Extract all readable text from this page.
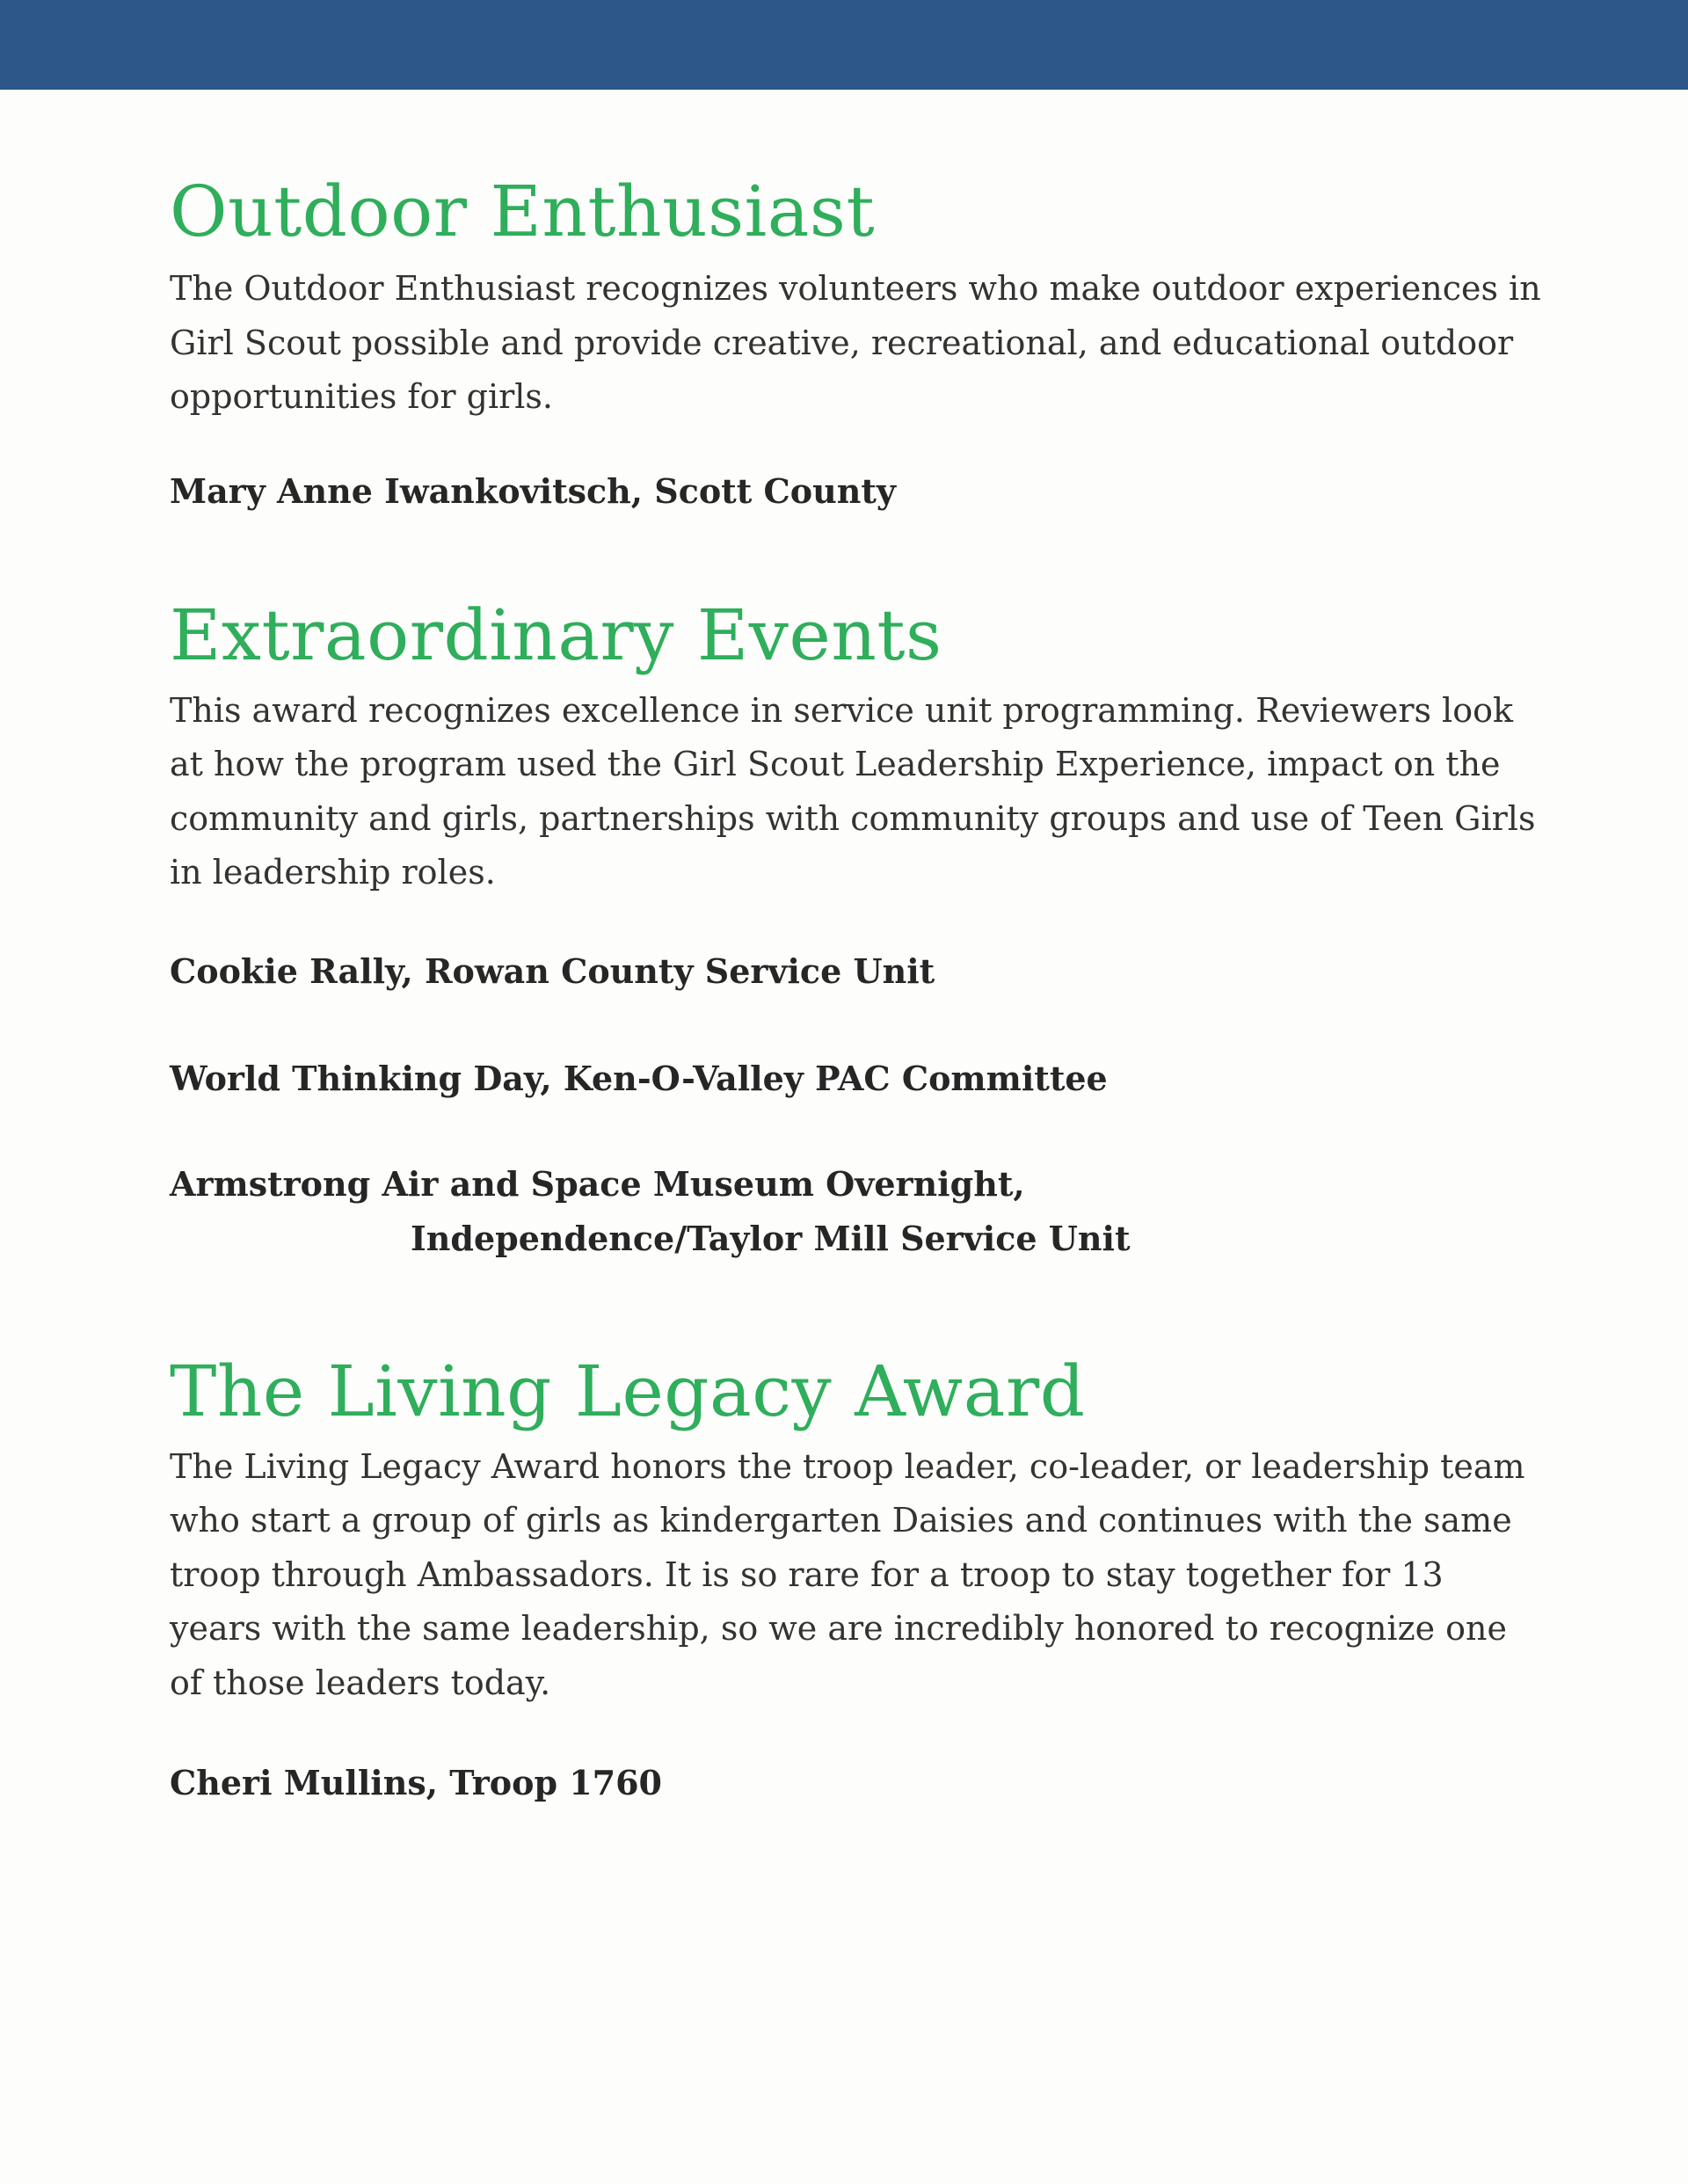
Outdoor Enthusiast

The Outdoor Enthusiast recognizes volunteers who make outdoor experiences in Girl Scout possible and provide creative, recreational, and educational outdoor opportunities for girls.

Mary Anne Iwankovitsch, Scott County

Extraordinary Events

This award recognizes excellence in service unit programming. Reviewers look at how the program used the Girl Scout Leadership Experience, impact on the community and girls, partnerships with community groups and use of Teen Girls in leadership roles.

Cookie Rally, Rowan County Service Unit

World Thinking Day, Ken-O-Valley PAC Committee

Armstrong Air and Space Museum Overnight,
Independence/Taylor Mill Service Unit

The Living Legacy Award

The Living Legacy Award honors the troop leader, co-leader, or leadership team who start a group of girls as kindergarten Daisies and continues with the same troop through Ambassadors. It is so rare for a troop to stay together for 13 years with the same leadership, so we are incredibly honored to recognize one of those leaders today.

Cheri Mullins, Troop 1760
